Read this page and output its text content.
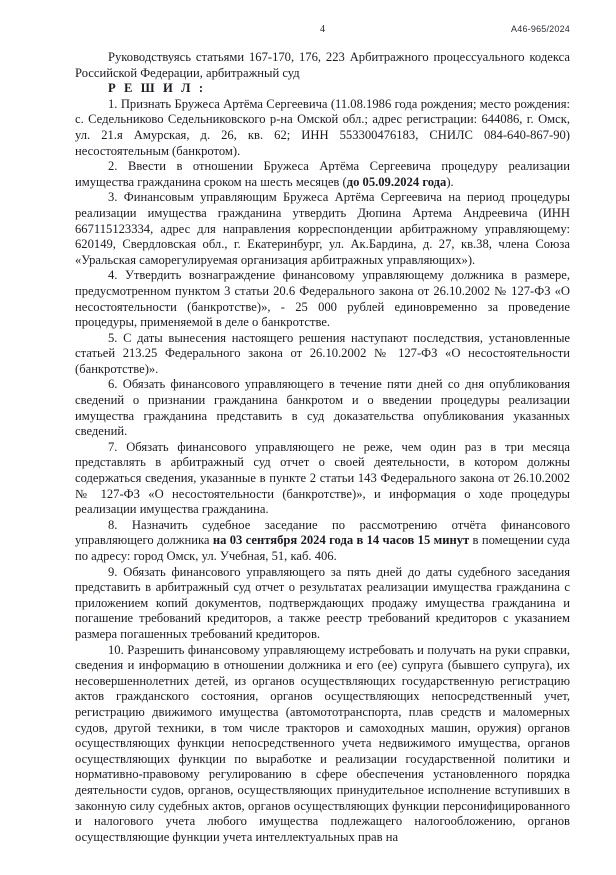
4	А46-965/2024

Руководствуясь статьями 167-170, 176, 223 Арбитражного процессуального кодекса Российской Федерации, арбитражный суд

Р Е Ш И Л :

1. Признать Бружеса Артёма Сергеевича (11.08.1986 года рождения; место рождения: с. Седельниково Седельниковского р-на Омской обл.; адрес регистрации: 644086, г. Омск, ул. 21.я Амурская, д. 26, кв. 62; ИНН 553300476183, СНИЛС 084-640-867-90) несостоятельным (банкротом).

2. Ввести в отношении Бружеса Артёма Сергеевича процедуру реализации имущества гражданина сроком на шесть месяцев (до 05.09.2024 года).

3. Финансовым управляющим Бружеса Артёма Сергеевича на период процедуры реализации имущества гражданина утвердить Дюпина Артема Андреевича (ИНН 667115123334, адрес для направления корреспонденции арбитражному управляющему: 620149, Свердловская обл., г. Екатеринбург, ул. Ак.Бардина, д. 27, кв.38, члена Союза «Уральская саморегулируемая организация арбитражных управляющих»).

4. Утвердить вознаграждение финансовому управляющему должника в размере, предусмотренном пунктом 3 статьи 20.6 Федерального закона от 26.10.2002 № 127-ФЗ «О несостоятельности (банкротстве)», - 25 000 рублей единовременно за проведение процедуры, применяемой в деле о банкротстве.

5. С даты вынесения настоящего решения наступают последствия, установленные статьей 213.25 Федерального закона от 26.10.2002 № 127-ФЗ «О несостоятельности (банкротстве)».

6. Обязать финансового управляющего в течение пяти дней со дня опубликования сведений о признании гражданина банкротом и о введении процедуры реализации имущества гражданина представить в суд доказательства опубликования указанных сведений.

7. Обязать финансового управляющего не реже, чем один раз в три месяца представлять в арбитражный суд отчет о своей деятельности, в котором должны содержаться сведения, указанные в пункте 2 статьи 143 Федерального закона от 26.10.2002 № 127-ФЗ «О несостоятельности (банкротстве)», и информация о ходе процедуры реализации имущества гражданина.

8. Назначить судебное заседание по рассмотрению отчёта финансового управляющего должника на 03 сентября 2024 года в 14 часов 15 минут в помещении суда по адресу: город Омск, ул. Учебная, 51, каб. 406.

9. Обязать финансового управляющего за пять дней до даты судебного заседания представить в арбитражный суд отчет о результатах реализации имущества гражданина с приложением копий документов, подтверждающих продажу имущества гражданина и погашение требований кредиторов, а также реестр требований кредиторов с указанием размера погашенных требований кредиторов.

10. Разрешить финансовому управляющему истребовать и получать на руки справки, сведения и информацию в отношении должника и его (ее) супруга (бывшего супруга), их несовершеннолетних детей, из органов осуществляющих государственную регистрацию актов гражданского состояния, органов осуществляющих непосредственный учет, регистрацию движимого имущества (автомототранспорта, плав средств и маломерных судов, другой техники, в том числе тракторов и самоходных машин, оружия) органов осуществляющих функции непосредственного учета недвижимого имущества, органов осуществляющих функции по выработке и реализации государственной политики и нормативно-правовому регулированию в сфере обеспечения установленного порядка деятельности судов, органов, осуществляющих принудительное исполнение вступивших в законную силу судебных актов, органов осуществляющих функции персонифицированного и налогового учета любого имущества подлежащего налогообложению, органов осуществляющие функции учета интеллектуальных прав на
